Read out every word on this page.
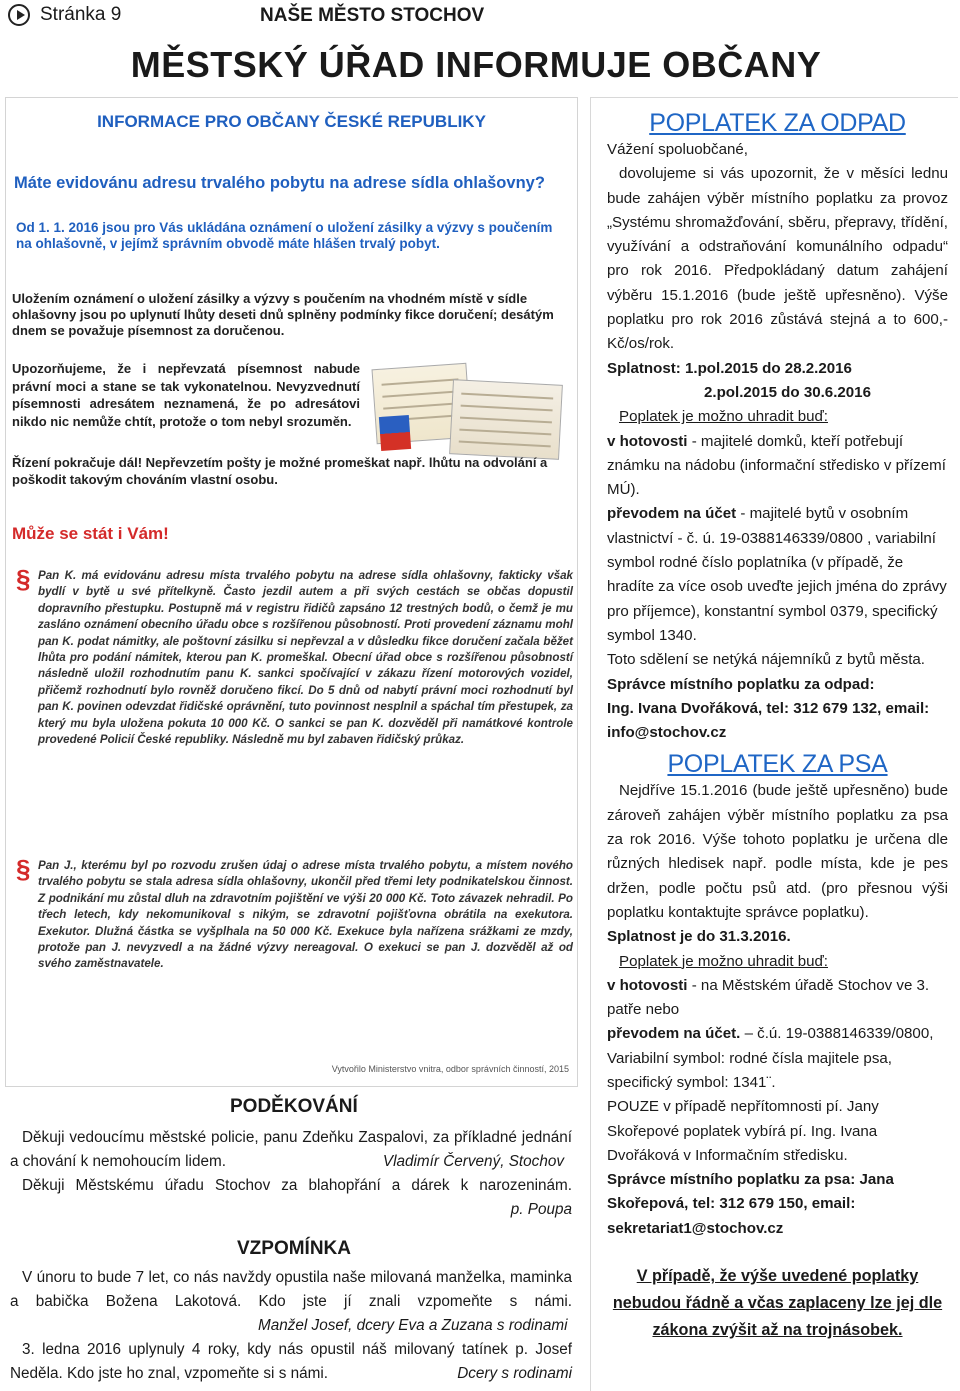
Stránka 9	NAŠE MĚSTO STOCHOV
MĚSTSKÝ ÚŘAD INFORMUJE OBČANY
INFORMACE PRO OBČANY ČESKÉ REPUBLIKY
Máte evidovánu adresu trvalého pobytu na adrese sídla ohlašovny?
Od 1. 1. 2016 jsou pro Vás ukládána oznámení o uložení zásilky a výzvy s poučením na ohlašovně, v jejímž správním obvodě máte hlášen trvalý pobyt.
Uložením oznámení o uložení zásilky a výzvy s poučením na vhodném místě v sídle ohlašovny jsou po uplynutí lhůty deseti dnů splněny podmínky fikce doručení; desátým dnem se považuje písemnost za doručenou.
Upozorňujeme, že i nepřevzatá písemnost nabude právní moci a stane se tak vykonatelnou. Nevyzvednutí písemnosti adresátem neznamená, že po adresátovi nikdo nic nemůže chtít, protože o tom nebyl srozuměn.
Řízení pokračuje dál! Nepřevzetím pošty je možné promeškat např. lhůtu na odvolání a poškodit takovým chováním vlastní osobu.
Může se stát i Vám!
§ Pan K. má evidovánu adresu místa trvalého pobytu na adrese sídla ohlašovny, fakticky však bydlí v bytě u své přítelkyně. Často jezdil autem a při svých cestách se občas dopustil dopravního přestupku. Postupně má v registru řidičů zapsáno 12 trestných bodů, o čemž je mu zasláno oznámení obecního úřadu obce s rozšířenou působností. Proti provedení záznamu mohl pan K. podat námitky, ale poštovní zásilku si nepřevzal a v důsledku fikce doručení začala běžet lhůta pro podání námitek, kterou pan K. promeškal. Obecní úřad obce s rozšířenou působností následně uložil rozhodnutím panu K. sankci spočívající v zákazu řízení motorových vozidel, přičemž rozhodnutí bylo rovněž doručeno fikcí. Do 5 dnů od nabytí právní moci rozhodnutí byl pan K. povinen odevzdat řidičské oprávnění, tuto povinnost nesplnil a spáchal tím přestupek, za který mu byla uložena pokuta 10 000 Kč. O sankci se pan K. dozvěděl při namátkové kontrole provedené Policií České republiky. Následně mu byl zabaven řidičský průkaz.
§ Pan J., kterému byl po rozvodu zrušen údaj o adrese místa trvalého pobytu, a místem nového trvalého pobytu se stala adresa sídla ohlašovny, ukončil před třemi lety podnikatelskou činnost. Z podnikání mu zůstal dluh na zdravotním pojištění ve výši 20 000 Kč. Toto závazek nehradil. Po třech letech, kdy nekomunikoval s nikým, se zdravotní pojišťovna obrátila na exekutora. Exekutor. Dlužná částka se vyšplhala na 50 000 Kč. Exekuce byla nařízena srážkami ze mzdy, protože pan J. nevyzvedl a na žádné výzvy nereagoval. O exekuci se pan J. dozvěděl až od svého zaměstnavatele.
Vytvořilo Ministerstvo vnitra, odbor správních činností, 2015
PODĚKOVÁNÍ
Děkuji vedoucímu městské policie, panu Zdeňku Zaspalovi, za příkladné jednání
a chování k nemohoucím lidem.	Vladimír Červený, Stochov
Děkuji Městskému úřadu Stochov za blahopřání a dárek k narozeninám.
p. Poupa
VZPOMÍNKA
V únoru to bude 7 let, co nás navždy opustila naše milovaná manželka, maminka
a babička Božena Lakotová. Kdo jste jí znali vzpomeňte s námi.
Manžel Josef, dcery Eva a Zuzana s rodinami
3. ledna 2016 uplynuly 4 roky, kdy nás opustil náš milovaný tatínek p. Josef
Neděla. Kdo jste ho znal, vzpomeňte si s námi.	Dcery s rodinami
POPLATEK ZA ODPAD
Vážení spoluobčané,
dovolujeme si vás upozornit, že v měsíci lednu bude zahájen výběr místního poplatku za provoz „Systému shromažďování, sběru, přepravy, třídění, využívání a odstraňování komunálního odpadu“ pro rok 2016. Předpokládaný datum zahájení výběru 15.1.2016 (bude ještě upřesněno). Výše poplatku pro rok 2016 zůstává stejná a to 600,-Kč/os/rok.
Splatnost: 1.pol.2015 do 28.2.2016
2.pol.2015 do 30.6.2016
Poplatek je možno uhradit buď:
v hotovosti - majitelé domků, kteří potřebují známku na nádobu (informační středisko v přízemí MÚ).
převodem na účet - majitelé bytů v osobním vlastnictví - č. ú. 19-0388146339/0800 , variabilní symbol rodné číslo poplatníka (v případě, že hradíte za více osob uveďte jejich jména do zprávy pro příjemce), konstantní symbol 0379, specifický symbol 1340.
Toto sdělení se netýká nájemníků z bytů města.
Správce místního poplatku za odpad:
Ing. Ivana Dvořáková, tel: 312 679 132, email: info@stochov.cz
POPLATEK ZA PSA
Nejdříve 15.1.2016 (bude ještě upřesněno) bude zároveň zahájen výběr místního poplatku za psa za rok 2016. Výše tohoto poplatku je určena dle různých hledisek např. podle místa, kde je pes držen, podle počtu psů atd. (pro přesnou výši poplatku kontaktujte správce poplatku).
Splatnost je do 31.3.2016.
Poplatek je možno uhradit buď:
v hotovosti - na Městském úřadě Stochov ve 3. patře nebo
převodem na účet. – č.ú. 19-0388146339/0800, Variabilní symbol: rodné čísla majitele psa, specifický symbol: 1341¨.
POUZE v případě nepřítomnosti pí. Jany Skořepové poplatek vybírá pí. Ing. Ivana Dvořáková v Informačním středisku.
Správce místního poplatku za psa: Jana Skořepová, tel: 312 679 150, email: sekretariat1@stochov.cz
V případě, že výše uvedené poplatky nebudou řádně a včas zaplaceny lze jej dle zákona zvýšit až na trojnásobek.
